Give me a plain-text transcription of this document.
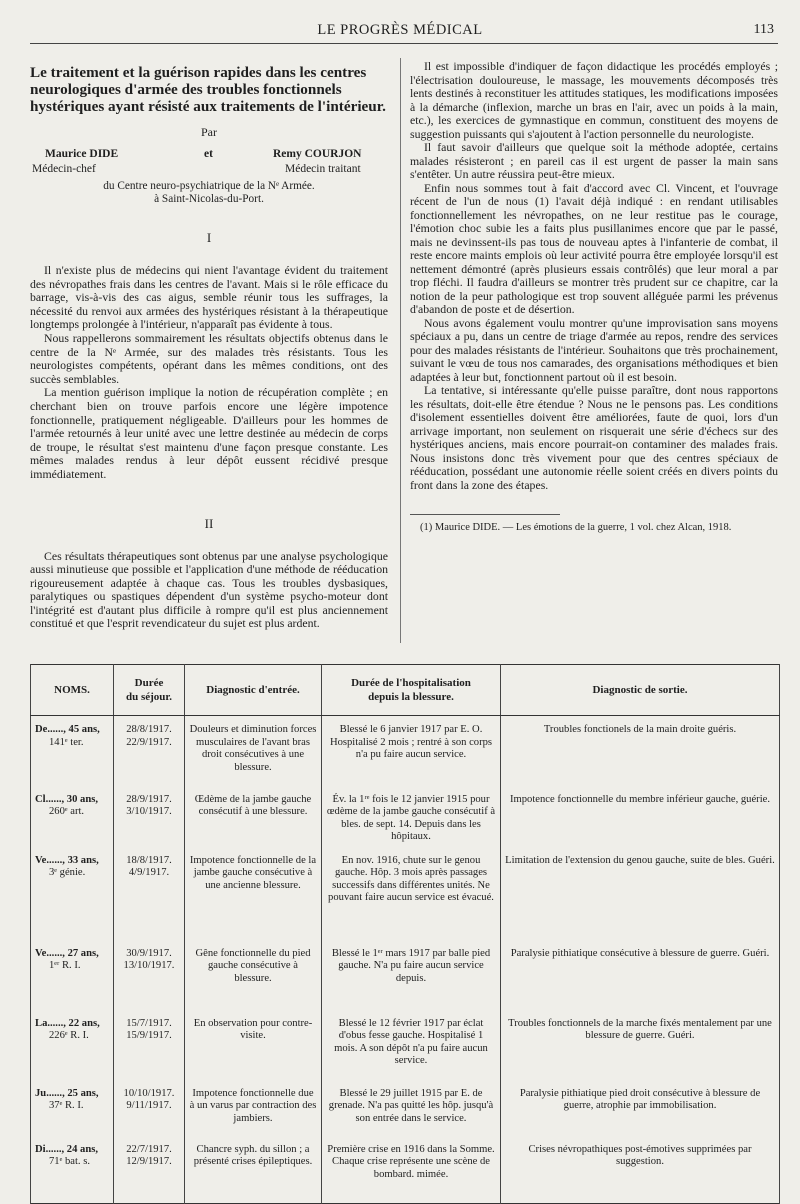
LE PROGRÈS MÉDICAL	113

Le traitement et la guérison rapides dans les centres neurologiques d'armée des troubles fonctionnels hystériques ayant résisté aux traitements de l'intérieur.

Par

Maurice DIDE
Médecin-chef
et	Remy COURJON
Médecin traitant

du Centre neuro-psychiatrique de la Nᵉ Armée.

à Saint-Nicolas-du-Port.

I

Il n'existe plus de médecins qui nient l'avantage évident du traitement des névropathes frais dans les centres de l'avant. Mais si le rôle efficace du barrage, vis-à-vis des cas aigus, semble réunir tous les suffrages, la nécessité du renvoi aux armées des hystériques résistant à la thérapeutique longtemps prolongée à l'intérieur, n'apparaît pas évidente à tous.

Nous rappellerons sommairement les résultats objectifs obtenus dans le centre de la Nᵉ Armée, sur des malades très résistants. Tous les neurologistes compétents, opérant dans les mêmes conditions, ont des succès semblables.

La mention guérison implique la notion de récupération complète ; en cherchant bien on trouve parfois encore une légère impotence fonctionnelle, pratiquement négligeable. D'ailleurs pour les hommes de l'armée retournés à leur unité avec une lettre destinée au médecin de corps de troupe, le résultat s'est maintenu d'une façon presque constante. Les mêmes malades rendus à leur dépôt eussent récidivé presque immédiatement.

II

Ces résultats thérapeutiques sont obtenus par une analyse psychologique aussi minutieuse que possible et l'application d'une méthode de rééducation rigoureusement adaptée à chaque cas. Tous les troubles dysbasiques, paralytiques ou spastiques dépendent d'un système psycho-moteur dont l'intégrité est d'autant plus difficile à rompre qu'il est plus anciennement constitué et que l'esprit revendicateur du sujet est plus ardent.

Il est impossible d'indiquer de façon didactique les procédés employés ; l'électrisation douloureuse, le massage, les mouvements décomposés très lents destinés à reconstituer les attitudes statiques, les modifications imposées à la démarche (inflexion, marche un bras en l'air, avec un poids à la main, etc.), les exercices de gymnastique en commun, constituent des moyens de suggestion puissants qui s'ajoutent à l'action personnelle du neurologiste.

Il faut savoir d'ailleurs que quelque soit la méthode adoptée, certains malades résisteront ; en pareil cas il est urgent de passer la main sans s'entêter. Un autre réussira peut-être mieux.

Enfin nous sommes tout à fait d'accord avec Cl. Vincent, et l'ouvrage récent de l'un de nous (1) l'avait déjà indiqué : en rendant utilisables fonctionnellement les névropathes, on ne leur restitue pas le courage, l'émotion choc subie les a faits plus pusillanimes encore que par le passé, mais ne devinssent-ils pas tous de nouveau aptes à l'infanterie de combat, il reste encore maints emplois où leur activité pourra être employée lorsqu'il est nettement démontré (après plusieurs essais contrôlés) que leur moral a par trop fléchi. Il faudra d'ailleurs se montrer très prudent sur ce chapitre, car la notion de la peur pathologique est trop souvent alléguée parmi les prévenus d'abandon de poste et de désertion.

Nous avons également voulu montrer qu'une improvisation sans moyens spéciaux a pu, dans un centre de triage d'armée au repos, rendre des services pour des malades résistants de l'intérieur. Souhaitons que très prochainement, suivant le vœu de tous nos camarades, des organisations méthodiques et bien adaptées à leur but, fonctionnent partout où il est besoin.

La tentative, si intéressante qu'elle puisse paraître, dont nous rapportons les résultats, doit-elle être étendue ? Nous ne le pensons pas. Les conditions d'isolement essentielles doivent être améliorées, faute de quoi, lors d'un arrivage important, non seulement on risquerait une série d'échecs sur des hystériques anciens, mais encore pourrait-on contaminer des malades frais. Nous insistons donc très vivement pour que des centres spéciaux de rééducation, possédant une autonomie réelle soient créés en divers points du front dans la zone des étapes.

(1) Maurice DIDE. — Les émotions de la guerre, 1 vol. chez Alcan, 1918.

NOMS.	Durée
du séjour.	Diagnostic d'entrée.	Durée de l'hospitalisation
depuis la blessure.	Diagnostic de sortie.

De......, 45 ans,
141ᵉ ter.	28/8/1917.
22/9/1917.	Douleurs et diminution forces musculaires de l'avant bras droit consécutives à une blessure.	Blessé le 6 janvier 1917 par E. O. Hospitalisé 2 mois ; rentré à son corps n'a pu faire aucun service.	Troubles fonctionels de la main droite guéris.

Cl......, 30 ans,
260ᵉ art.	28/9/1917.
3/10/1917.	Œdème de la jambe gauche consécutif à une blessure.	Év. la 1ʳᵉ fois le 12 janvier 1915 pour œdème de la jambe gauche consécutif à bles. de sept. 14. Depuis dans les hôpitaux.	Impotence fonctionnelle du membre inférieur gauche, guérie.

Ve......, 33 ans,
3ᵉ génie.	18/8/1917.
4/9/1917.	Impotence fonctionnelle de la jambe gauche consécutive à une ancienne blessure.	En nov. 1916, chute sur le genou gauche. Hôp. 3 mois après passages successifs dans différentes unités. Ne pouvant faire aucun service est évacué.	Limitation de l'extension du genou gauche, suite de bles. Guéri.

Ve......, 27 ans,
1ᵉʳ R. I.	30/9/1917.
13/10/1917.	Gêne fonctionnelle du pied gauche consécutive à blessure.	Blessé le 1ᵉʳ mars 1917 par balle pied gauche. N'a pu faire aucun service depuis.	Paralysie pithiatique consécutive à blessure de guerre. Guéri.

La......, 22 ans,
226ᵉ R. I.	15/7/1917.
15/9/1917.	En observation pour contre-visite.	Blessé le 12 février 1917 par éclat d'obus fesse gauche. Hospitalisé 1 mois. A son dépôt n'a pu faire aucun service.	Troubles fonctionnels de la marche fixés mentalement par une blessure de guerre. Guéri.

Ju......, 25 ans,
37ᵉ R. I.	10/10/1917.
9/11/1917.	Impotence fonctionnelle due à un varus par contraction des jambiers.	Blessé le 29 juillet 1915 par E. de grenade. N'a pas quitté les hôp. jusqu'à son entrée dans le service.	Paralysie pithiatique pied droit consécutive à blessure de guerre, atrophie par immobilisation.

Di......, 24 ans,
71ᵉ bat. s.	22/7/1917.
12/9/1917.	Chancre syph. du sillon ; a présenté crises épileptiques.	Première crise en 1916 dans la Somme. Chaque crise représente une scène de bombard. mimée.	Crises névropathiques post-émotives supprimées par suggestion.
